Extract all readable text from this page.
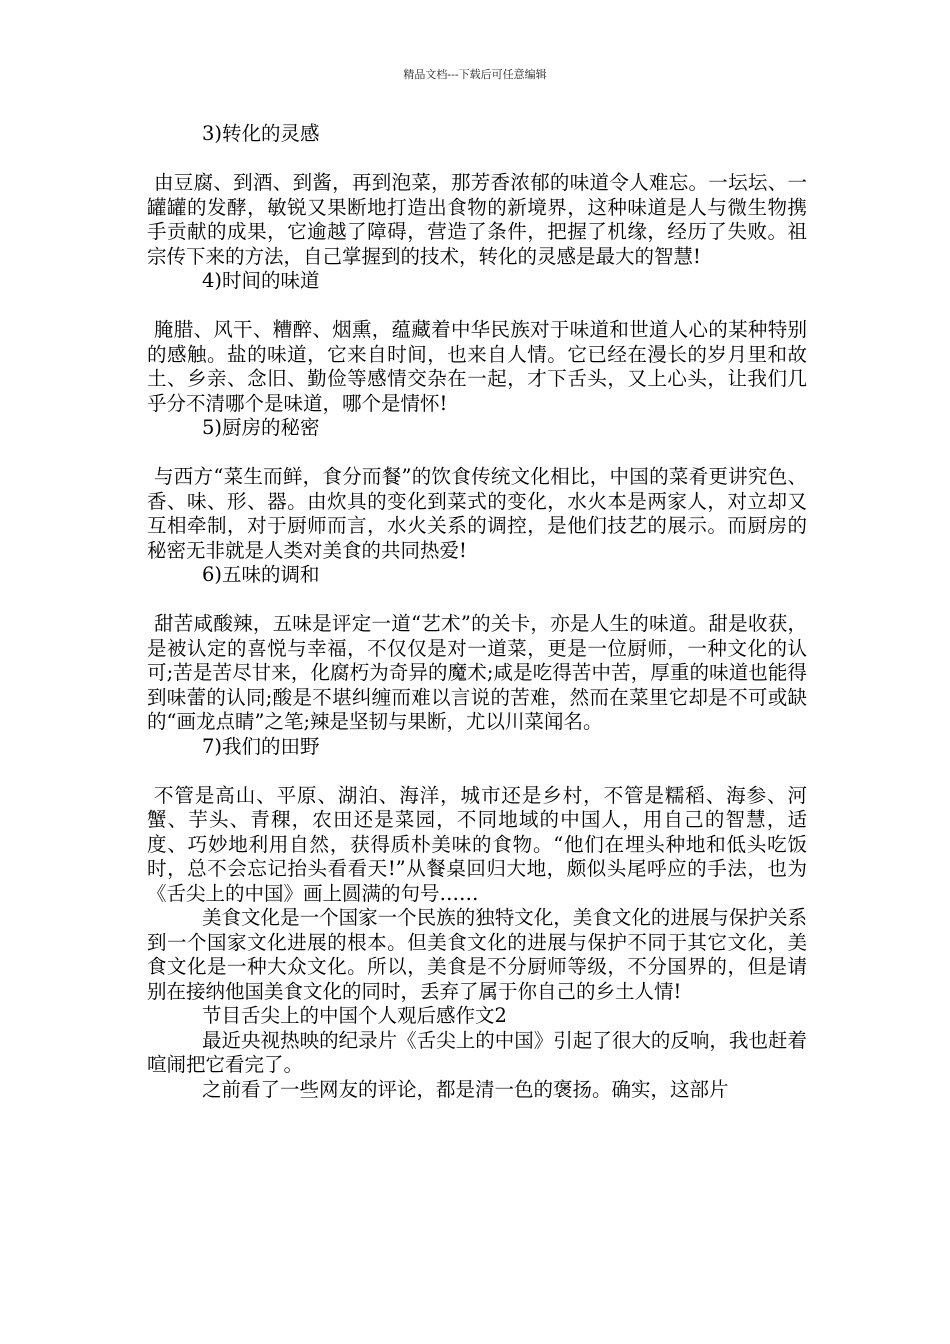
精品文档---下载后可任意编辑
3)转化的灵感
由豆腐、到酒、到酱，再到泡菜，那芳香浓郁的味道令人难忘。一坛坛、一罐罐的发酵，敏锐又果断地打造出食物的新境界，这种味道是人与微生物携手贡献的成果，它逾越了障碍，营造了条件，把握了机缘，经历了失败。祖宗传下来的方法，自己掌握到的技术，转化的灵感是最大的智慧!
4)时间的味道
腌腊、风干、糟醉、烟熏，蕴藏着中华民族对于味道和世道人心的某种特别的感触。盐的味道，它来自时间，也来自人情。它已经在漫长的岁月里和故土、乡亲、念旧、勤俭等感情交杂在一起，才下舌头，又上心头，让我们几乎分不清哪个是味道，哪个是情怀!
5)厨房的秘密
与西方“菜生而鲜，食分而餐”的饮食传统文化相比，中国的菜肴更讲究色、香、味、形、器。由炊具的变化到菜式的变化，水火本是两家人，对立却又互相牵制，对于厨师而言，水火关系的调控，是他们技艺的展示。而厨房的秘密无非就是人类对美食的共同热爱!
6)五味的调和
甜苦咸酸辣，五味是评定一道“艺术”的关卡，亦是人生的味道。甜是收获，是被认定的喜悦与幸福，不仅仅是对一道菜，更是一位厨师，一种文化的认可;苦是苦尽甘来，化腐朽为奇异的魔术;咸是吃得苦中苦，厚重的味道也能得到味蕾的认同;酸是不堪纠缠而难以言说的苦难，然而在菜里它却是不可或缺的“画龙点睛”之笔;辣是坚韧与果断，尤以川菜闻名。
7)我们的田野
不管是高山、平原、湖泊、海洋，城市还是乡村，不管是糯稻、海参、河蟹、芋头、青稞，农田还是菜园，不同地域的中国人，用自己的智慧，适度、巧妙地利用自然，获得质朴美味的食物。“他们在埋头种地和低头吃饭时，总不会忘记抬头看看天!”从餐桌回归大地，颇似头尾呼应的手法，也为《舌尖上的中国》画上圆满的句号……
美食文化是一个国家一个民族的独特文化，美食文化的进展与保护关系到一个国家文化进展的根本。但美食文化的进展与保护不同于其它文化，美食文化是一种大众文化。所以，美食是不分厨师等级，不分国界的，但是请别在接纳他国美食文化的同时，丢弃了属于你自己的乡土人情!
节目舌尖上的中国个人观后感作文2
最近央视热映的纪录片《舌尖上的中国》引起了很大的反响，我也赶着喧闹把它看完了。
之前看了一些网友的评论，都是清一色的褒扬。确实，这部片
